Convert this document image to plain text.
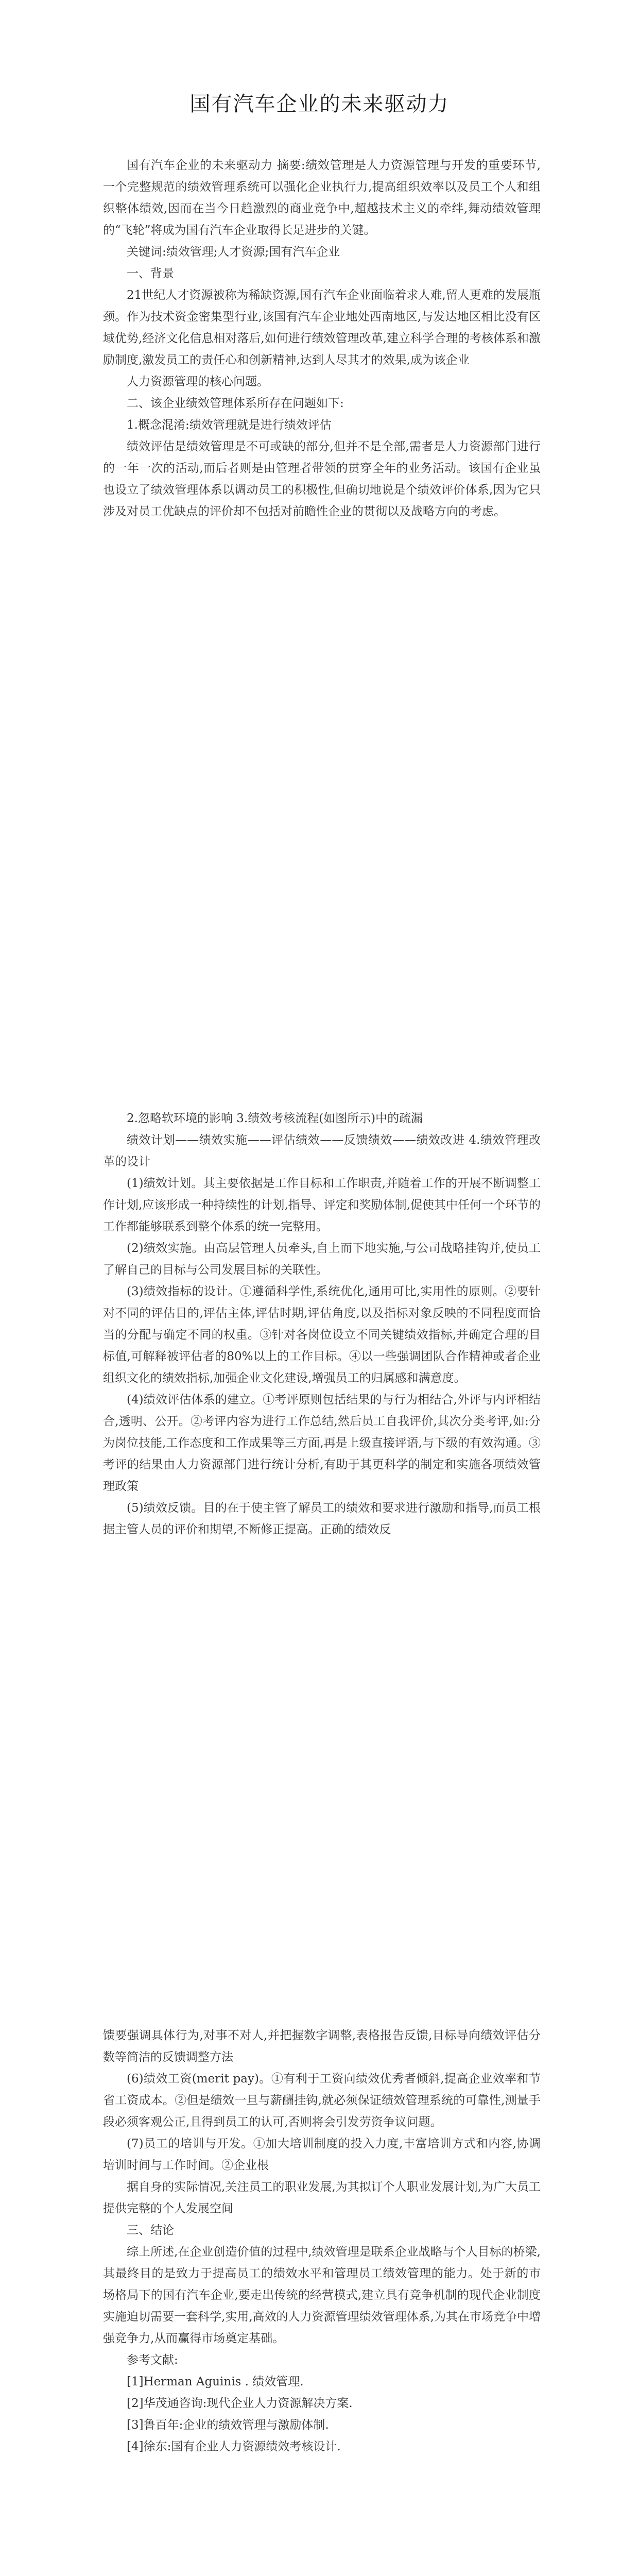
国有汽车企业的未来驱动力

国有汽车企业的未来驱动力 摘要:绩效管理是人力资源管理与开发的重要环节,一个完整规范的绩效管理系统可以强化企业执行力,提高组织效率以及员工个人和组织整体绩效,因而在当今日趋激烈的商业竞争中,超越技术主义的牵绊,舞动绩效管理的“飞轮”将成为国有汽车企业取得长足进步的关键。

关键词:绩效管理;人才资源;国有汽车企业

一、背景

21世纪人才资源被称为稀缺资源,国有汽车企业面临着求人难,留人更难的发展瓶颈。作为技术资金密集型行业,该国有汽车企业地处西南地区,与发达地区相比没有区域优势,经济文化信息相对落后,如何进行绩效管理改革,建立科学合理的考核体系和激励制度,激发员工的责任心和创新精神,达到人尽其才的效果,成为该企业

人力资源管理的核心问题。

二、该企业绩效管理体系所存在问题如下:

1.概念混淆:绩效管理就是进行绩效评估

绩效评估是绩效管理是不可或缺的部分,但并不是全部,需者是人力资源部门进行的一年一次的活动,而后者则是由管理者带领的贯穿全年的业务活动。该国有企业虽也设立了绩效管理体系以调动员工的积极性,但确切地说是个绩效评价体系,因为它只涉及对员工优缺点的评价却不包括对前瞻性企业的贯彻以及战略方向的考虑。

2.忽略软环境的影响 3.绩效考核流程(如图所示)中的疏漏

绩效计划——绩效实施——评估绩效——反馈绩效——绩效改进 4.绩效管理改革的设计

(1)绩效计划。其主要依据是工作目标和工作职责,并随着工作的开展不断调整工作计划,应该形成一种持续性的计划,指导、评定和奖励体制,促使其中任何一个环节的工作都能够联系到整个体系的统一完整用。

(2)绩效实施。由高层管理人员牵头,自上而下地实施,与公司战略挂钩并,使员工了解自己的目标与公司发展目标的关联性。

(3)绩效指标的设计。①遵循科学性,系统优化,通用可比,实用性的原则。②要针对不同的评估目的,评估主体,评估时期,评估角度,以及指标对象反映的不同程度而恰当的分配与确定不同的权重。③针对各岗位设立不同关键绩效指标,并确定合理的目标值,可解释被评估者的80%以上的工作目标。④以一些强调团队合作精神或者企业组织文化的绩效指标,加强企业文化建设,增强员工的归属感和满意度。

(4)绩效评估体系的建立。①考评原则包括结果的与行为相结合,外评与内评相结合,透明、公开。②考评内容为进行工作总结,然后员工自我评价,其次分类考评,如:分为岗位技能,工作态度和工作成果等三方面,再是上级直接评语,与下级的有效沟通。③考评的结果由人力资源部门进行统计分析,有助于其更科学的制定和实施各项绩效管理政策

(5)绩效反馈。目的在于使主管了解员工的绩效和要求进行激励和指导,而员工根据主管人员的评价和期望,不断修正提高。正确的绩效反

馈要强调具体行为,对事不对人,并把握数字调整,表格报告反馈,目标导向绩效评估分数等简洁的反馈调整方法

(6)绩效工资(merit pay)。①有利于工资向绩效优秀者倾斜,提高企业效率和节省工资成本。②但是绩效一旦与薪酬挂钩,就必须保证绩效管理系统的可靠性,测量手段必须客观公正,且得到员工的认可,否则将会引发劳资争议问题。

(7)员工的培训与开发。①加大培训制度的投入力度,丰富培训方式和内容,协调培训时间与工作时间。②企业根

据自身的实际情况,关注员工的职业发展,为其拟订个人职业发展计划,为广大员工提供完整的个人发展空间

三、结论

综上所述,在企业创造价值的过程中,绩效管理是联系企业战略与个人目标的桥梁,其最终目的是致力于提高员工的绩效水平和管理员工绩效管理的能力。处于新的市场格局下的国有汽车企业,要走出传统的经营模式,建立具有竞争机制的现代企业制度实施迫切需要一套科学,实用,高效的人力资源管理绩效管理体系,为其在市场竞争中增强竞争力,从而赢得市场奠定基础。

参考文献:

[1]Herman Aguinis . 绩效管理.

[2]华茂通咨询:现代企业人力资源解决方案.

[3]鲁百年:企业的绩效管理与激励体制.

[4]徐东:国有企业人力资源绩效考核设计.
